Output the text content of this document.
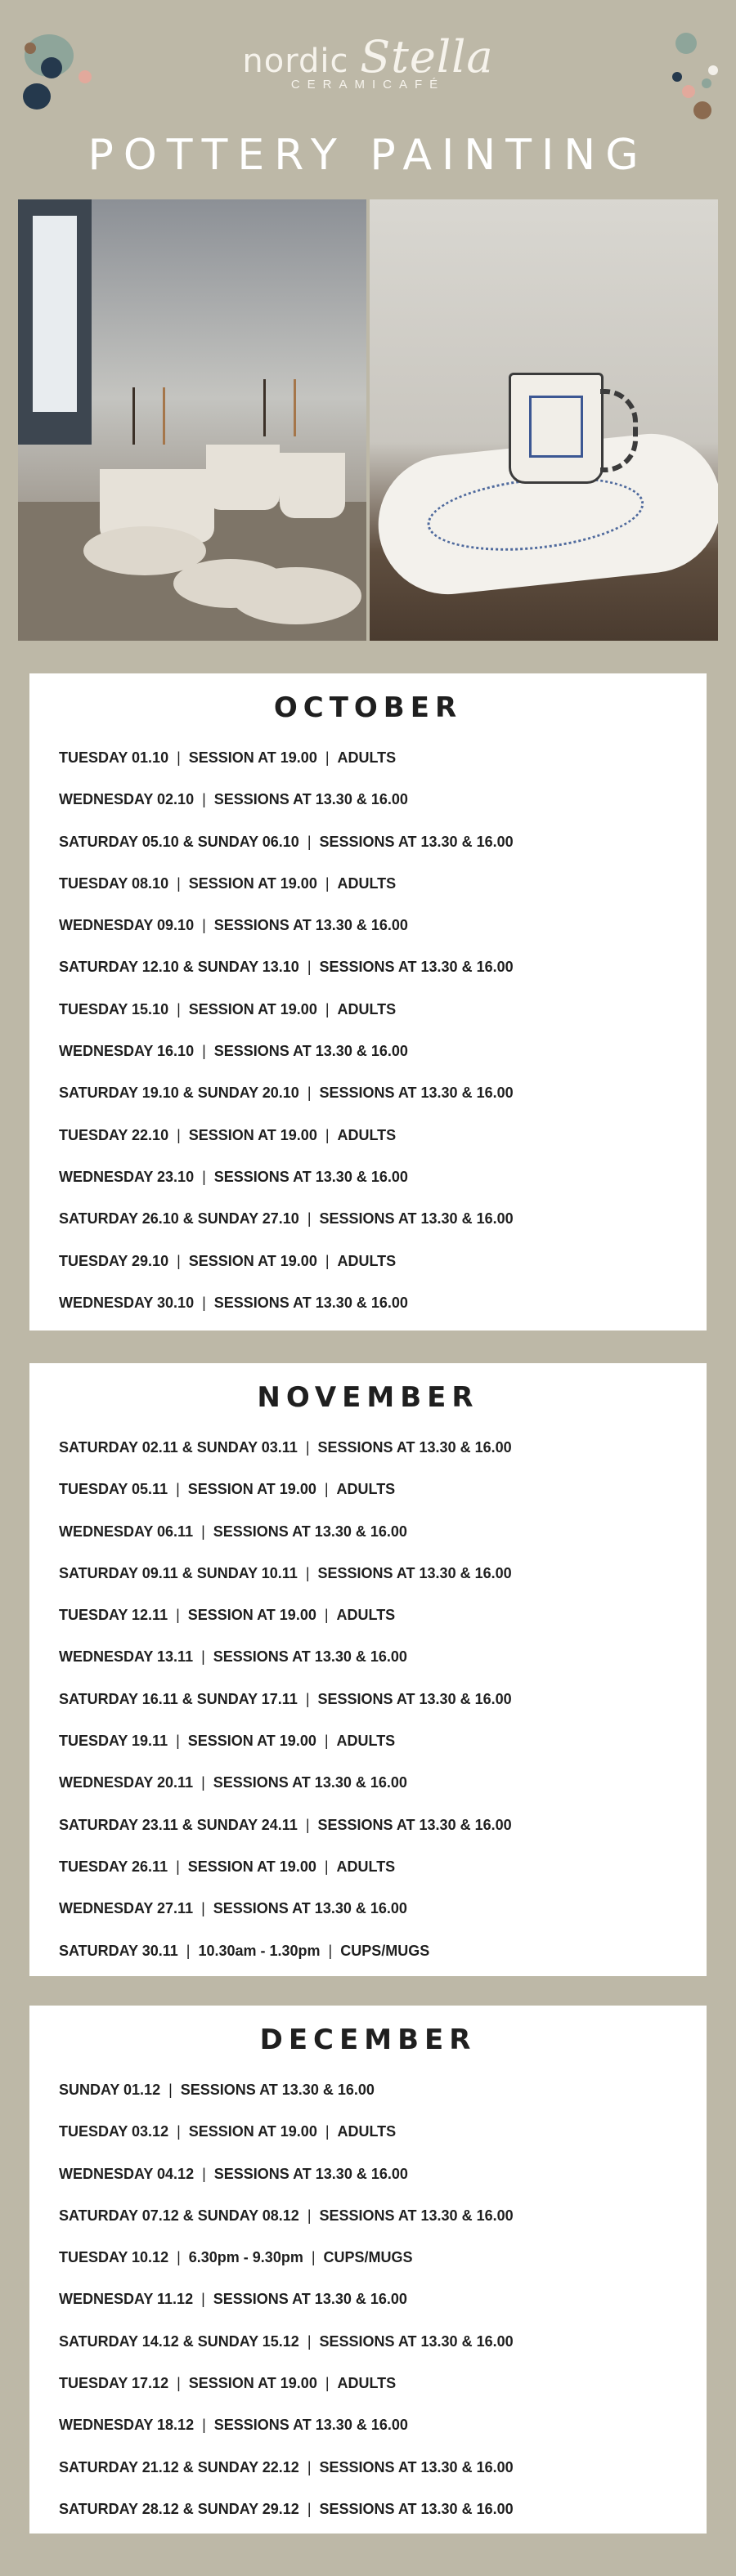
nordic Stella
CERAMICAFÉ
POTTERY PAINTING
OCTOBER
TUESDAY 01.10 | SESSION AT 19.00 | ADULTS
WEDNESDAY 02.10 | SESSIONS AT 13.30 & 16.00
SATURDAY 05.10 & SUNDAY 06.10 | SESSIONS AT 13.30 & 16.00
TUESDAY 08.10 | SESSION AT 19.00 | ADULTS
WEDNESDAY 09.10 | SESSIONS AT 13.30 & 16.00
SATURDAY 12.10 & SUNDAY 13.10 | SESSIONS AT 13.30 & 16.00
TUESDAY 15.10 | SESSION AT 19.00 | ADULTS
WEDNESDAY 16.10 | SESSIONS AT 13.30 & 16.00
SATURDAY 19.10 & SUNDAY 20.10 | SESSIONS AT 13.30 & 16.00
TUESDAY 22.10 | SESSION AT 19.00 | ADULTS
WEDNESDAY 23.10 | SESSIONS AT 13.30 & 16.00
SATURDAY 26.10 & SUNDAY 27.10 | SESSIONS AT 13.30 & 16.00
TUESDAY 29.10 | SESSION AT 19.00 | ADULTS
WEDNESDAY 30.10 | SESSIONS AT 13.30 & 16.00
NOVEMBER
SATURDAY 02.11 & SUNDAY 03.11 | SESSIONS AT 13.30 & 16.00
TUESDAY 05.11 | SESSION AT 19.00 | ADULTS
WEDNESDAY 06.11 | SESSIONS AT 13.30 & 16.00
SATURDAY 09.11 & SUNDAY 10.11 | SESSIONS AT 13.30 & 16.00
TUESDAY 12.11 | SESSION AT 19.00 | ADULTS
WEDNESDAY 13.11 | SESSIONS AT 13.30 & 16.00
SATURDAY 16.11 & SUNDAY 17.11 | SESSIONS AT 13.30 & 16.00
TUESDAY 19.11 | SESSION AT 19.00 | ADULTS
WEDNESDAY 20.11 | SESSIONS AT 13.30 & 16.00
SATURDAY 23.11 & SUNDAY 24.11 | SESSIONS AT 13.30 & 16.00
TUESDAY 26.11 | SESSION AT 19.00 | ADULTS
WEDNESDAY 27.11 | SESSIONS AT 13.30 & 16.00
SATURDAY 30.11 | 10.30am - 1.30pm | CUPS/MUGS
DECEMBER
SUNDAY 01.12 | SESSIONS AT 13.30 & 16.00
TUESDAY 03.12 | SESSION AT 19.00 | ADULTS
WEDNESDAY 04.12 | SESSIONS AT 13.30 & 16.00
SATURDAY 07.12 & SUNDAY 08.12 | SESSIONS AT 13.30 & 16.00
TUESDAY 10.12 | 6.30pm - 9.30pm | CUPS/MUGS
WEDNESDAY 11.12 | SESSIONS AT 13.30 & 16.00
SATURDAY 14.12 & SUNDAY 15.12 | SESSIONS AT 13.30 & 16.00
TUESDAY 17.12 | SESSION AT 19.00 | ADULTS
WEDNESDAY 18.12 | SESSIONS AT 13.30 & 16.00
SATURDAY 21.12 & SUNDAY 22.12 | SESSIONS AT 13.30 & 16.00
SATURDAY 28.12 & SUNDAY 29.12 | SESSIONS AT 13.30 & 16.00
